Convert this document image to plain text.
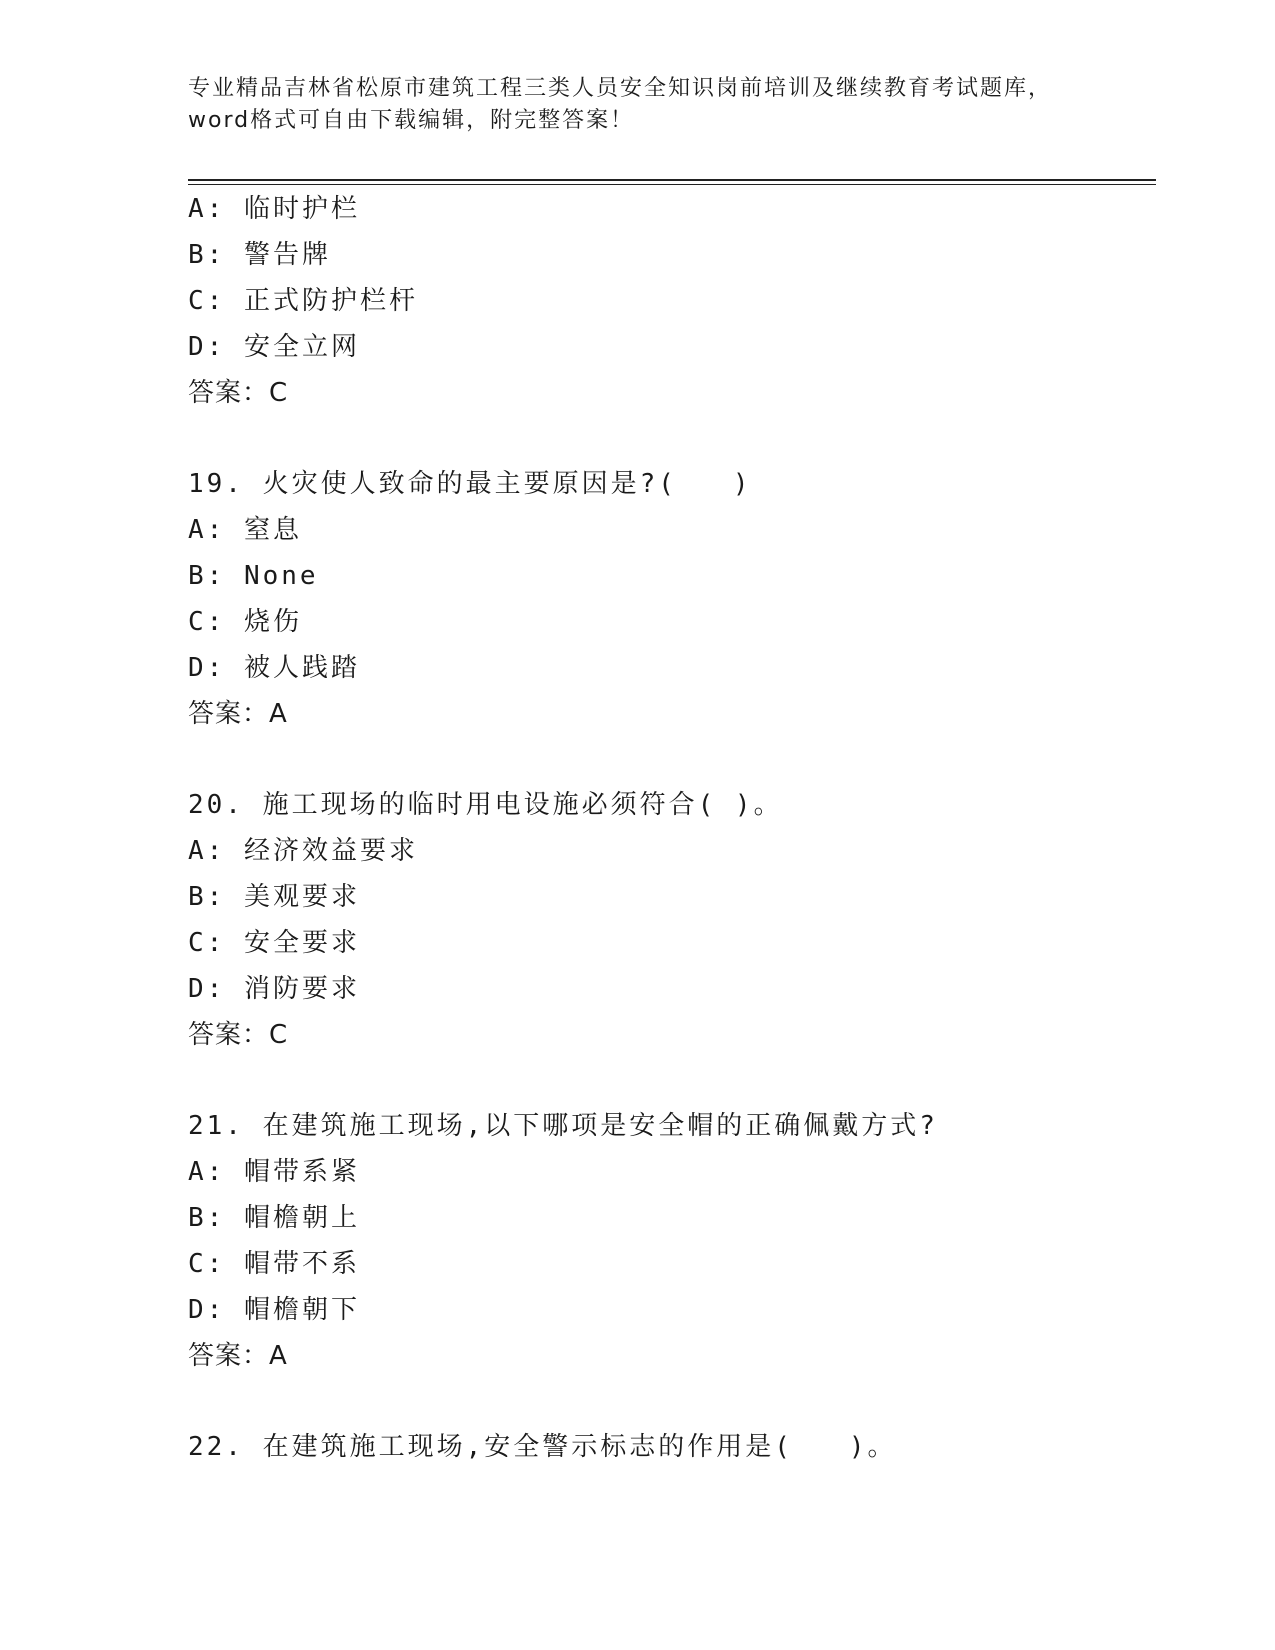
专业精品吉林省松原市建筑工程三类人员安全知识岗前培训及继续教育考试题库，
word格式可自由下载编辑，附完整答案！
A: 临时护栏
B: 警告牌
C: 正式防护栏杆
D: 安全立网
答案：C
19. 火灾使人致命的最主要原因是?(   )
A: 窒息
B: None
C: 烧伤
D: 被人践踏
答案：A
20. 施工现场的临时用电设施必须符合( )。
A: 经济效益要求
B: 美观要求
C: 安全要求
D: 消防要求
答案：C
21. 在建筑施工现场,以下哪项是安全帽的正确佩戴方式?
A: 帽带系紧
B: 帽檐朝上
C: 帽带不系
D: 帽檐朝下
答案：A
22. 在建筑施工现场,安全警示标志的作用是(   )。
